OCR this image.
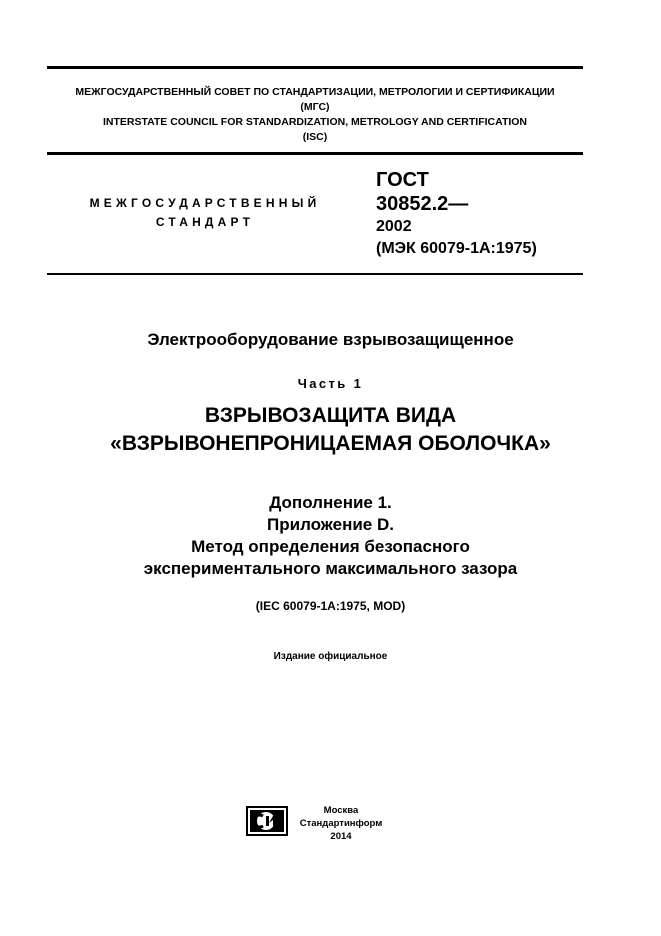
МЕЖГОСУДАРСТВЕННЫЙ СОВЕТ ПО СТАНДАРТИЗАЦИИ, МЕТРОЛОГИИ И СЕРТИФИКАЦИИ
(МГС)
INTERSTATE COUNCIL FOR STANDARDIZATION, METROLOGY AND CERTIFICATION
(ISC)
МЕЖГОСУДАРСТВЕННЫЙ
СТАНДАРТ
ГОСТ
30852.2—
2002
(МЭК 60079-1А:1975)
Электрооборудование взрывозащищенное
Часть 1
ВЗРЫВОЗАЩИТА ВИДА
«ВЗРЫВОНЕПРОНИЦАЕМАЯ ОБОЛОЧКА»
Дополнение 1.
Приложение D.
Метод определения безопасного
экспериментального максимального зазора
(IEC 60079-1A:1975, MOD)
Издание официальное
Москва
Стандартинформ
2014
